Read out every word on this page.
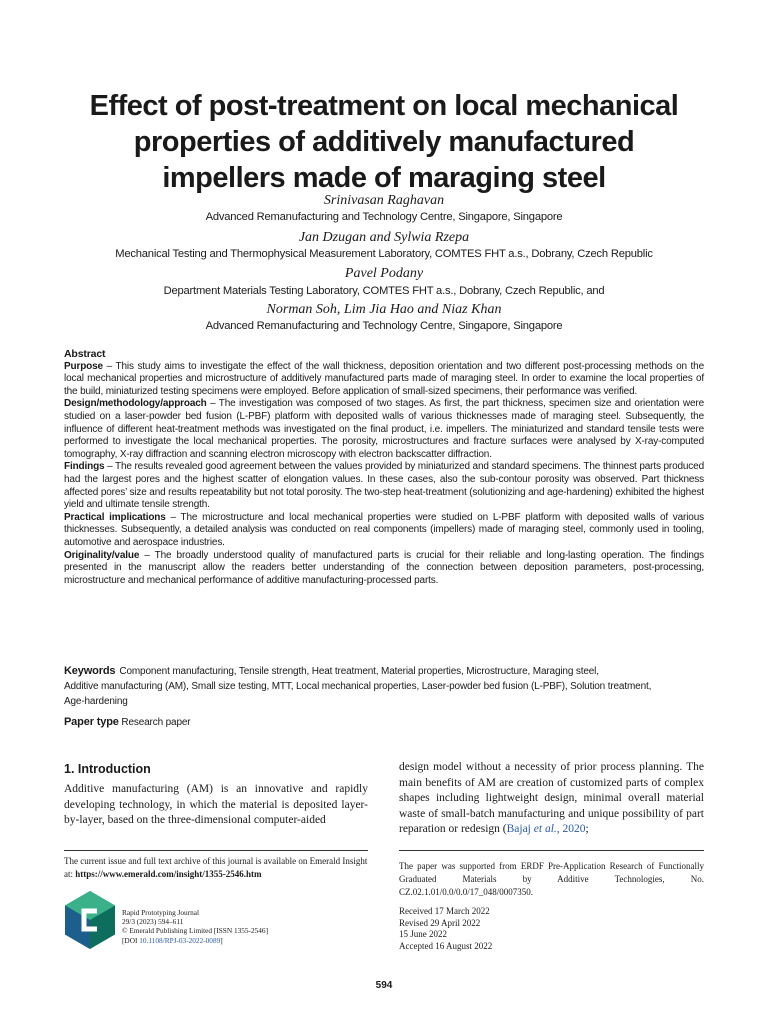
Effect of post-treatment on local mechanical
properties of additively manufactured
impellers made of maraging steel
Srinivasan Raghavan
Advanced Remanufacturing and Technology Centre, Singapore, Singapore
Jan Dzugan and Sylwia Rzepa
Mechanical Testing and Thermophysical Measurement Laboratory, COMTES FHT a.s., Dobrany, Czech Republic
Pavel Podany
Department Materials Testing Laboratory, COMTES FHT a.s., Dobrany, Czech Republic, and
Norman Soh, Lim Jia Hao and Niaz Khan
Advanced Remanufacturing and Technology Centre, Singapore, Singapore

Abstract

Purpose – This study aims to investigate the effect of the wall thickness, deposition orientation and two different post-processing methods on the local mechanical properties and microstructure of additively manufactured parts made of maraging steel. In order to examine the local properties of the build, miniaturized testing specimens were employed. Before application of small-sized specimens, their performance was verified.

Design/methodology/approach – The investigation was composed of two stages. As first, the part thickness, specimen size and orientation were studied on a laser-powder bed fusion (L-PBF) platform with deposited walls of various thicknesses made of maraging steel. Subsequently, the influence of different heat-treatment methods was investigated on the final product, i.e. impellers. The miniaturized and standard tensile tests were performed to investigate the local mechanical properties. The porosity, microstructures and fracture surfaces were analysed by X-ray-computed tomography, X-ray diffraction and scanning electron microscopy with electron backscatter diffraction.

Findings – The results revealed good agreement between the values provided by miniaturized and standard specimens. The thinnest parts produced had the largest pores and the highest scatter of elongation values. In these cases, also the sub-contour porosity was observed. Part thickness affected pores’ size and results repeatability but not total porosity. The two-step heat-treatment (solutionizing and age-hardening) exhibited the highest yield and ultimate tensile strength.

Practical implications – The microstructure and local mechanical properties were studied on L-PBF platform with deposited walls of various thicknesses. Subsequently, a detailed analysis was conducted on real components (impellers) made of maraging steel, commonly used in tooling, automotive and aerospace industries.

Originality/value – The broadly understood quality of manufactured parts is crucial for their reliable and long-lasting operation. The findings presented in the manuscript allow the readers better understanding of the connection between deposition parameters, post-processing, microstructure and mechanical performance of additive manufacturing-processed parts.

Keywords Component manufacturing, Tensile strength, Heat treatment, Material properties, Microstructure, Maraging steel,
Additive manufacturing (AM), Small size testing, MTT, Local mechanical properties, Laser-powder bed fusion (L-PBF), Solution treatment,
Age-hardening
Paper type Research paper
1. Introduction
Additive manufacturing (AM) is an innovative and rapidly developing technology, in which the material is deposited layer-by-layer, based on the three-dimensional computer-aided
design model without a necessity of prior process planning. The main benefits of AM are creation of customized parts of complex shapes including lightweight design, minimal overall material waste of small-batch manufacturing and unique possibility of part reparation or redesign (Bajaj et al., 2020;
The current issue and full text archive of this journal is available on Emerald Insight at: https://www.emerald.com/insight/1355-2546.htm
The paper was supported from ERDF Pre-Application Research of Functionally Graduated Materials by Additive Technologies, No. CZ.02.1.01/0.0/0.0/17_048/0007350.
Received 17 March 2022
Revised 29 April 2022
15 June 2022
Accepted 16 August 2022
Rapid Prototyping Journal
29/3 (2023) 594–611
© Emerald Publishing Limited [ISSN 1355-2546]
[DOI 10.1108/RPJ-03-2022-0089]
594
